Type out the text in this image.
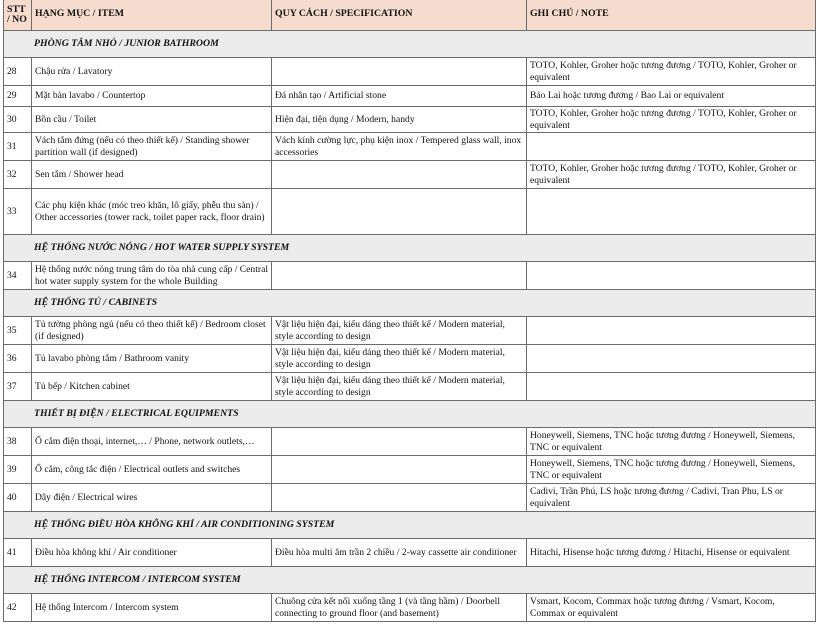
STT / NO	HẠNG MỤC / ITEM	QUY CÁCH / SPECIFICATION	GHI CHÚ / NOTE
PHÒNG TẮM NHỎ / JUNIOR BATHROOM			
28	Chậu rửa / Lavatory		TOTO, Kohler, Groher hoặc tương đương / TOTO, Kohler, Groher or equivalent
29	Mặt bàn lavabo / Countertop	Đá nhân tạo / Artificial stone	Bảo Lai hoặc tương đương / Bao Lai or equivalent
30	Bồn cầu / Toilet	Hiện đại, tiện dụng / Modern, handy	TOTO, Kohler, Groher hoặc tương đương / TOTO, Kohler, Groher or equivalent
31	Vách tắm đứng (nếu có theo thiết kế) / Standing shower partition wall (if designed)	Vách kính cường lực, phụ kiện inox / Tempered glass wall, inox accessories	
32	Sen tắm / Shower head		TOTO, Kohler, Groher hoặc tương đương / TOTO, Kohler, Groher or equivalent
33	Các phụ kiện khác (móc treo khăn, lô giấy, phễu thu sàn) / Other accessories (tower rack, toilet paper rack, floor drain)		
HỆ THỐNG NƯỚC NÓNG / HOT WATER SUPPLY SYSTEM			
34	Hệ thống nước nóng trung tâm do tòa nhà cung cấp / Central hot water supply system for the whole Building		
HỆ THỐNG TỦ / CABINETS			
35	Tủ tường phòng ngủ (nếu có theo thiết kế) / Bedroom closet (if designed)	Vật liệu hiện đại, kiểu dáng theo thiết kế / Modern material, style according to design	
36	Tủ lavabo phòng tắm / Bathroom vanity	Vật liệu hiện đại, kiểu dáng theo thiết kế / Modern material, style according to design	
37	Tủ bếp / Kitchen cabinet	Vật liệu hiện đại, kiểu dáng theo thiết kế / Modern material, style according to design	
THIẾT BỊ ĐIỆN / ELECTRICAL EQUIPMENTS			
38	Ổ cắm điện thoại, internet,… / Phone, network outlets,…		Honeywell, Siemens, TNC hoặc tương đương / Honeywell, Siemens, TNC or equivalent
39	Ổ cắm, công tắc điện / Electrical outlets and switches		Honeywell, Siemens, TNC hoặc tương đương / Honeywell, Siemens, TNC or equivalent
40	Dây điện / Electrical wires		Cadivi, Trần Phú, LS hoặc tương đương / Cadivi, Tran Phu, LS or equivalent
HỆ THỐNG ĐIỀU HÒA KHÔNG KHÍ / AIR CONDITIONING SYSTEM			
41	Điều hòa không khí / Air conditioner	Điều hòa multi âm trần 2 chiều / 2-way cassette air conditioner	Hitachi, Hisense hoặc tương đương / Hitachi, Hisense or equivalent
HỆ THỐNG INTERCOM / INTERCOM SYSTEM			
42	Hệ thống Intercom / Intercom system	Chuông cửa kết nối xuống tầng 1 (và tầng hầm) / Doorbell connecting to ground floor (and basement)	Vsmart, Kocom, Commax hoặc tương đương / Vsmart, Kocom, Commax or equivalent
